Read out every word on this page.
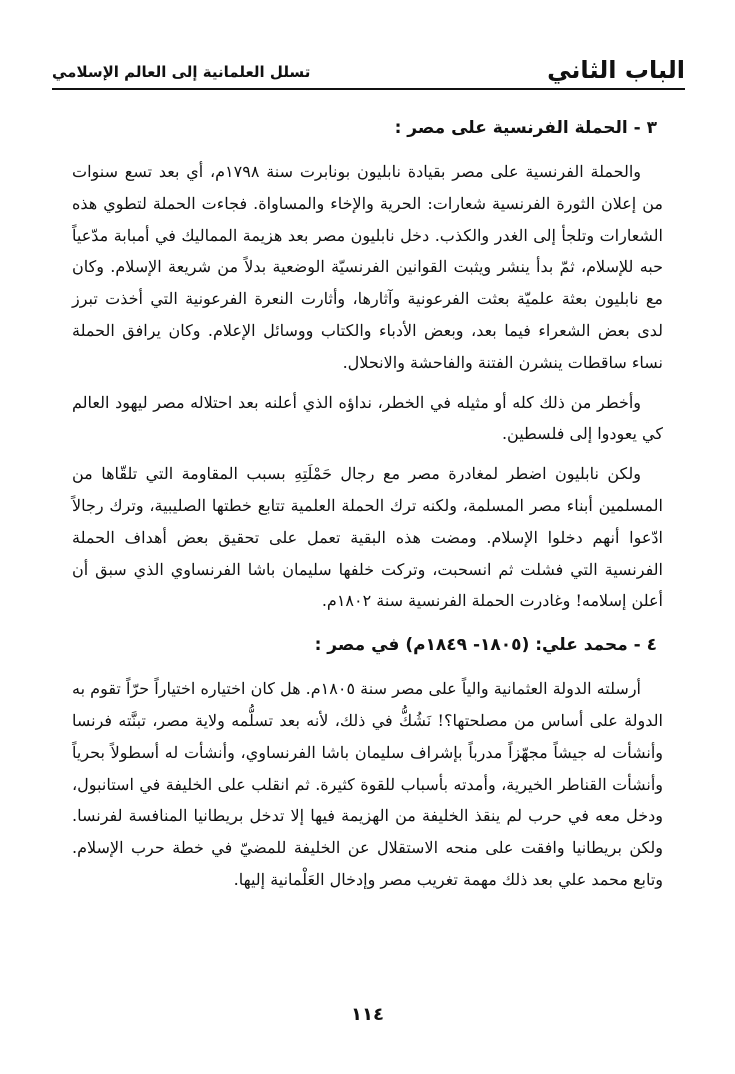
الباب الثاني
تسلل العلمانية إلى العالم الإسلامي
٣ - الحملة الفرنسية على مصر :

والحملة الفرنسية على مصر بقيادة نابليون بونابرت سنة ١٧٩٨م، أي بعد تسع سنوات من إعلان الثورة الفرنسية شعارات: الحرية والإخاء والمساواة. فجاءت الحملة لتطوي هذه الشعارات وتلجأ إلى الغدر والكذب. دخل نابليون مصر بعد هزيمة المماليك في أمبابة مدّعياً حبه للإسلام، ثمّ بدأ ينشر ويثبت القوانين الفرنسيّة الوضعية بدلاً من شريعة الإسلام. وكان مع نابليون بعثة علميّة بعثت الفرعونية وآثارها، وأثارت النعرة الفرعونية التي أخذت تبرز لدى بعض الشعراء فيما بعد، وبعض الأدباء والكتاب ووسائل الإعلام. وكان يرافق الحملة نساء ساقطات ينشرن الفتنة والفاحشة والانحلال.

وأخطر من ذلك كله أو مثيله في الخطر، نداؤه الذي أعلنه بعد احتلاله مصر ليهود العالم كي يعودوا إلى فلسطين.

ولكن نابليون اضطر لمغادرة مصر مع رجال حَمْلَتِهِ بسبب المقاومة التي تلقّاها من المسلمين أبناء مصر المسلمة، ولكنه ترك الحملة العلمية تتابع خطتها الصليبية، وترك رجالاً ادّعوا أنهم دخلوا الإسلام. ومضت هذه البقية تعمل على تحقيق بعض أهداف الحملة الفرنسية التي فشلت ثم انسحبت، وتركت خلفها سليمان باشا الفرنساوي الذي سبق أن أعلن إسلامه! وغادرت الحملة الفرنسية سنة ١٨٠٢م.

٤ - محمد علي: (١٨٠٥- ١٨٤٩م) في مصر :

أرسلته الدولة العثمانية والياً على مصر سنة ١٨٠٥م. هل كان اختياره اختياراً حرّاً تقوم به الدولة على أساس من مصلحتها؟! نَشُكُّ في ذلك، لأنه بعد تسلُّمه ولاية مصر، تبنَّته فرنسا وأنشأت له جيشاً مجهّزاً مدرباً بإشراف سليمان باشا الفرنساوي، وأنشأت له أسطولاً بحرياً وأنشأت القناطر الخيرية، وأمدته بأسباب للقوة كثيرة. ثم انقلب على الخليفة في استانبول، ودخل معه في حرب لم ينقذ الخليفة من الهزيمة فيها إلا تدخل بريطانيا المنافسة لفرنسا. ولكن بريطانيا وافقت على منحه الاستقلال عن الخليفة للمضيّ في خطة حرب الإسلام. وتابع محمد علي بعد ذلك مهمة تغريب مصر وإدخال العَلْمانية إليها.

١١٤
